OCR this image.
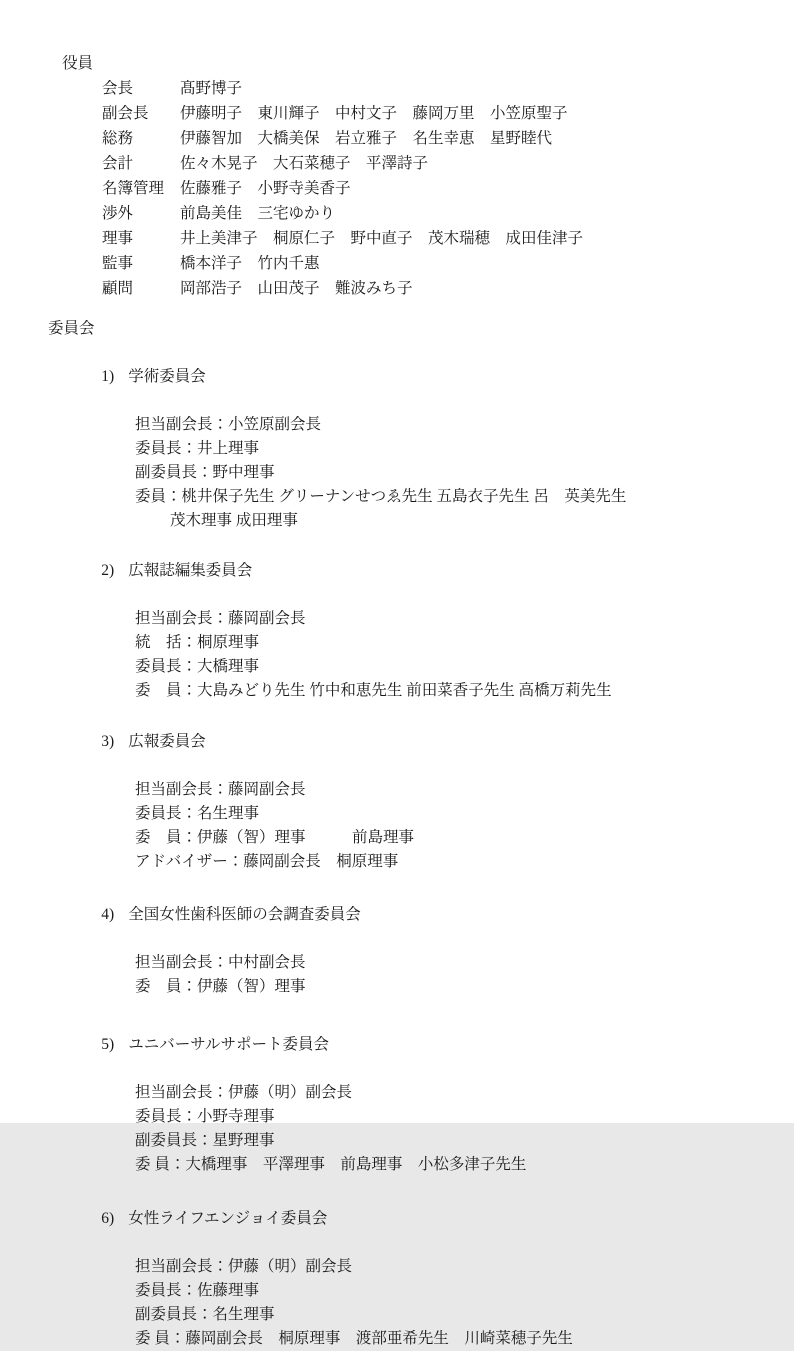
役員
会長	髙野博子
副会長	伊藤明子　東川輝子　中村文子　藤岡万里　小笠原聖子
総務	伊藤智加　大橋美保　岩立雅子　名生幸恵　星野睦代
会計	佐々木晃子　大石菜穂子　平澤詩子
名簿管理	佐藤雅子　小野寺美香子
渉外	前島美佳　三宅ゆかり
理事	井上美津子　桐原仁子　野中直子　茂木瑞穂　成田佳津子
監事	橋本洋子　竹内千惠
顧問	岡部浩子　山田茂子　難波みち子
委員会

1) 学術委員会

担当副会長：小笠原副会長
委員長：井上理事
副委員長：野中理事
委員：桃井保子先生 グリーナンせつゑ先生 五島衣子先生 呂　英美先生
茂木理事 成田理事

2) 広報誌編集委員会

担当副会長：藤岡副会長
統　括：桐原理事
委員長：大橋理事
委　員：大島みどり先生 竹中和恵先生 前田菜香子先生 高橋万莉先生

3) 広報委員会

担当副会長：藤岡副会長
委員長：名生理事
委　員：伊藤（智）理事　　　前島理事
アドバイザー：藤岡副会長　桐原理事

4) 全国女性歯科医師の会調査委員会

担当副会長：中村副会長
委　員：伊藤（智）理事

5) ユニバーサルサポート委員会

担当副会長：伊藤（明）副会長
委員長：小野寺理事
副委員長：星野理事
委 員：大橋理事　平澤理事　前島理事　小松多津子先生

6) 女性ライフエンジョイ委員会

担当副会長：伊藤（明）副会長
委員長：佐藤理事
副委員長：名生理事
委 員：藤岡副会長　桐原理事　渡部亜希先生　川崎菜穂子先生
